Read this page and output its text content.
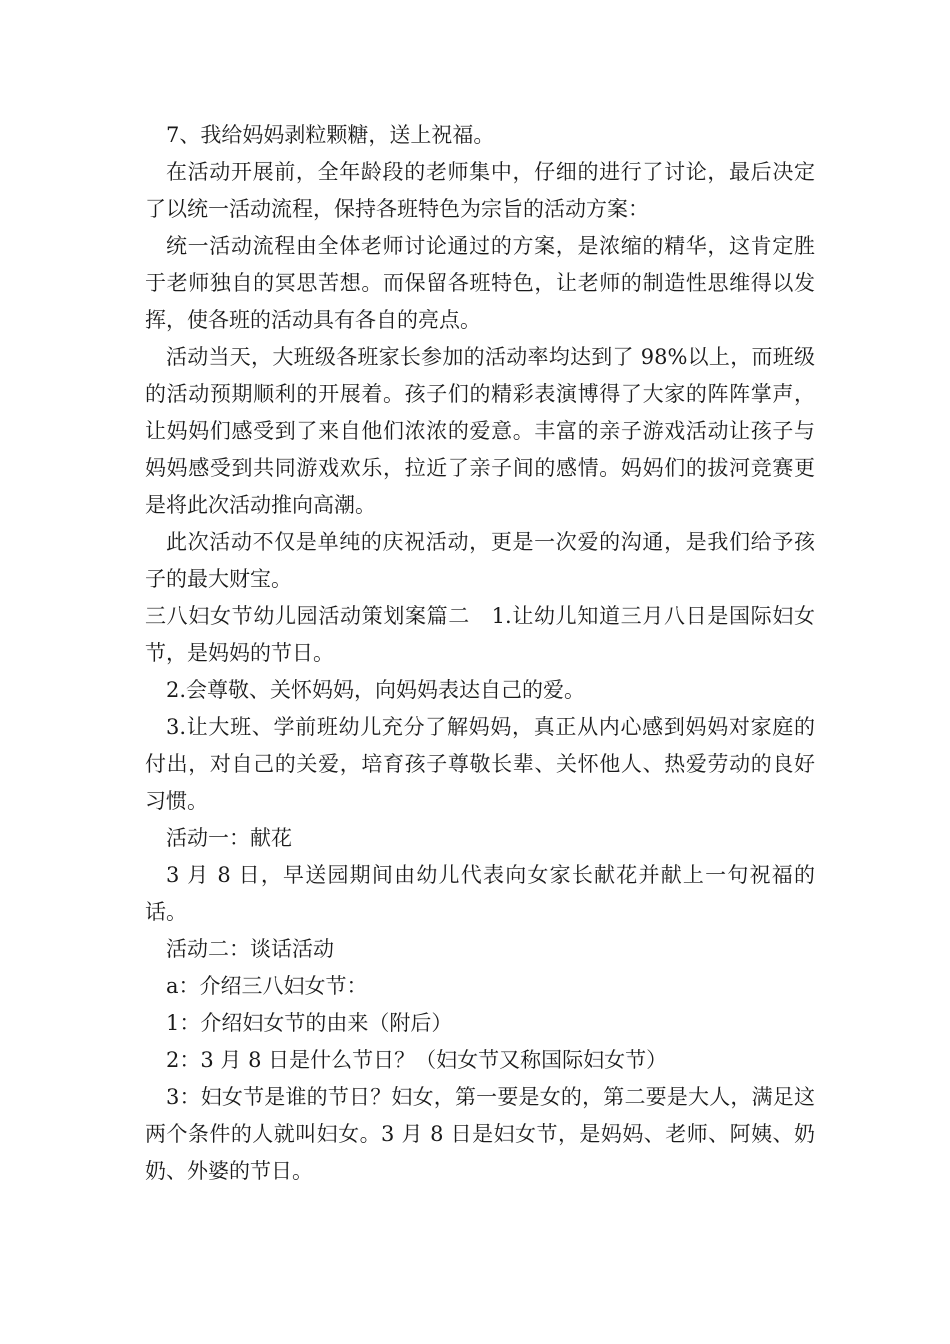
7、我给妈妈剥粒颗糖，送上祝福。

在活动开展前，全年龄段的老师集中，仔细的进行了讨论，最后决定了以统一活动流程，保持各班特色为宗旨的活动方案：

统一活动流程由全体老师讨论通过的方案，是浓缩的精华，这肯定胜于老师独自的冥思苦想。而保留各班特色，让老师的制造性思维得以发挥，使各班的活动具有各自的亮点。

活动当天，大班级各班家长参加的活动率均达到了 98%以上，而班级的活动预期顺利的开展着。孩子们的精彩表演博得了大家的阵阵掌声，让妈妈们感受到了来自他们浓浓的爱意。丰富的亲子游戏活动让孩子与妈妈感受到共同游戏欢乐，拉近了亲子间的感情。妈妈们的拔河竞赛更是将此次活动推向高潮。

此次活动不仅是单纯的庆祝活动，更是一次爱的沟通，是我们给予孩子的最大财宝。

三八妇女节幼儿园活动策划案篇二　1.让幼儿知道三月八日是国际妇女节，是妈妈的节日。

2.会尊敬、关怀妈妈，向妈妈表达自己的爱。

3.让大班、学前班幼儿充分了解妈妈，真正从内心感到妈妈对家庭的付出，对自己的关爱，培育孩子尊敬长辈、关怀他人、热爱劳动的良好习惯。

活动一：献花

3 月 8 日，早送园期间由幼儿代表向女家长献花并献上一句祝福的话。

活动二：谈话活动

a：介绍三八妇女节：

1：介绍妇女节的由来（附后）

2：3 月 8 日是什么节日？（妇女节又称国际妇女节）

3：妇女节是谁的节日？妇女，第一要是女的，第二要是大人，满足这两个条件的人就叫妇女。3 月 8 日是妇女节，是妈妈、老师、阿姨、奶奶、外婆的节日。
